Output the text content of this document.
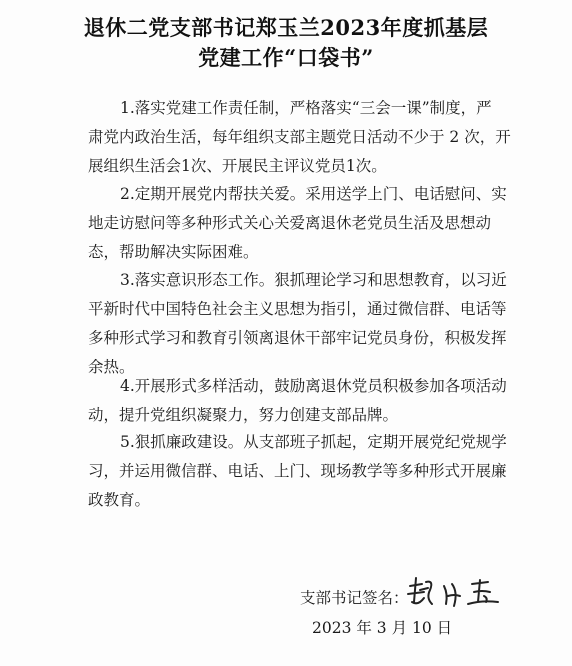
退休二党支部书记郑玉兰2023年度抓基层
党建工作“口袋书”
1.落实党建工作责任制，严格落实“三会一课”制度，严
肃党内政治生活，每年组织支部主题党日活动不少于 2 次，开
展组织生活会1次、开展民主评议党员1次。
2.定期开展党内帮扶关爱。采用送学上门、电话慰问、实
地走访慰问等多种形式关心关爱离退休老党员生活及思想动
态，帮助解决实际困难。
3.落实意识形态工作。狠抓理论学习和思想教育，以习近
平新时代中国特色社会主义思想为指引，通过微信群、电话等
多种形式学习和教育引领离退休干部牢记党员身份，积极发挥
余热。
4.开展形式多样活动，鼓励离退休党员积极参加各项活动
动，提升党组织凝聚力，努力创建支部品牌。
5.狠抓廉政建设。从支部班子抓起，定期开展党纪党规学
习，并运用微信群、电话、上门、现场教学等多种形式开展廉
政教育。
支部书记签名：
2023 年 3 月 10 日
